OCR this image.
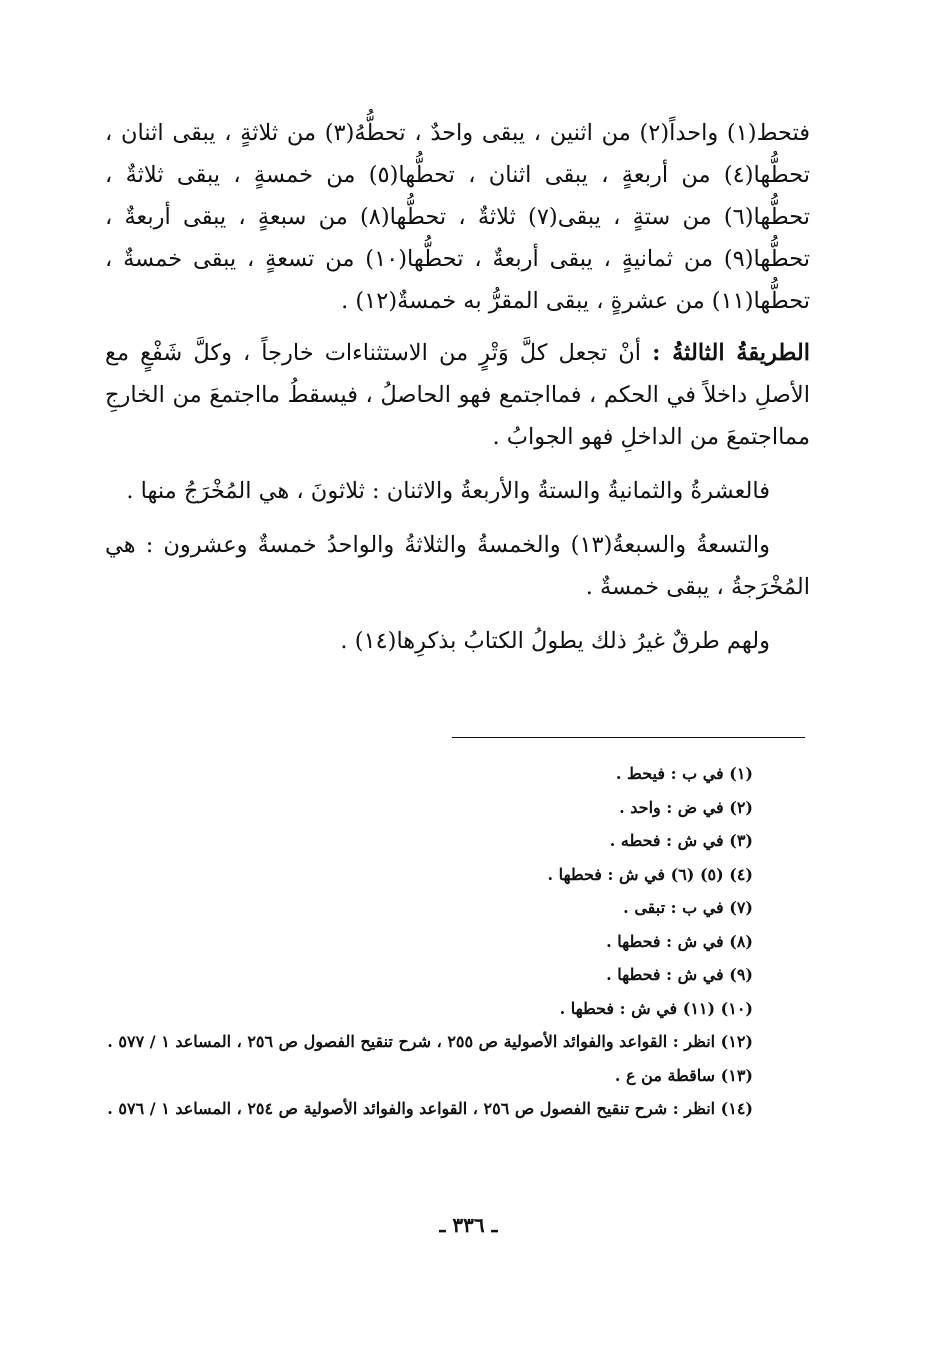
فتحط(١) واحداً(٢) من اثنين ، يبقى واحدٌ ، تحطُّهُ(٣) من ثلاثةٍ ، يبقى اثنان ، تحطُّها(٤) من أربعةٍ ، يبقى اثنان ، تحطُّها(٥) من خمسةٍ ، يبقى ثلاثةٌ ، تحطُّها(٦) من ستةٍ ، يبقى(٧) ثلاثةٌ ، تحطُّها(٨) من سبعةٍ ، يبقى أربعةٌ ، تحطُّها(٩) من ثمانيةٍ ، يبقى أربعةٌ ، تحطُّها(١٠) من تسعةٍ ، يبقى خمسةٌ ، تحطُّها(١١) من عشرةٍ ، يبقى المقرُّ به خمسةٌ(١٢) .

الطريقةُ الثالثةُ : أنْ تجعل كلَّ وَتْرٍ من الاستثناءات خارجاً ، وكلَّ شَفْعٍ مع الأصلِ داخلاً في الحكم ، فمااجتمع فهو الحاصلُ ، فيسقطُ مااجتمعَ من الخارجِ ممااجتمعَ من الداخلِ فهو الجوابُ .

فالعشرةُ والثمانيةُ والستةُ والأربعةُ والاثنان : ثلاثونَ ، هي المُخْرَجُ منها .

والتسعةُ والسبعةُ(١٣) والخمسةُ والثلاثةُ والواحدُ خمسةٌ وعشرون : هي المُخْرَجةُ ، يبقى خمسةٌ .

ولهم طرقٌ غيرُ ذلك يطولُ الكتابُ بذكرِها(١٤) .

(١) في ب : فيحط .

(٢) في ض : واحد .

(٣) في ش : فحطه .

(٤) (٥) (٦) في ش : فحطها .

(٧) في ب : تبقى .

(٨) في ش : فحطها .

(٩) في ش : فحطها .

(١٠) (١١) في ش : فحطها .

(١٢) انظر : القواعد والفوائد الأصولية ص ٢٥٥ ، شرح تنقيح الفصول ص ٢٥٦ ، المساعد ١ / ٥٧٧ .

(١٣) ساقطة من ع .

(١٤) انظر : شرح تنقيح الفصول ص ٢٥٦ ، القواعد والفوائد الأصولية ص ٢٥٤ ، المساعد ١ / ٥٧٦ .

ـ ٣٣٦ ـ
